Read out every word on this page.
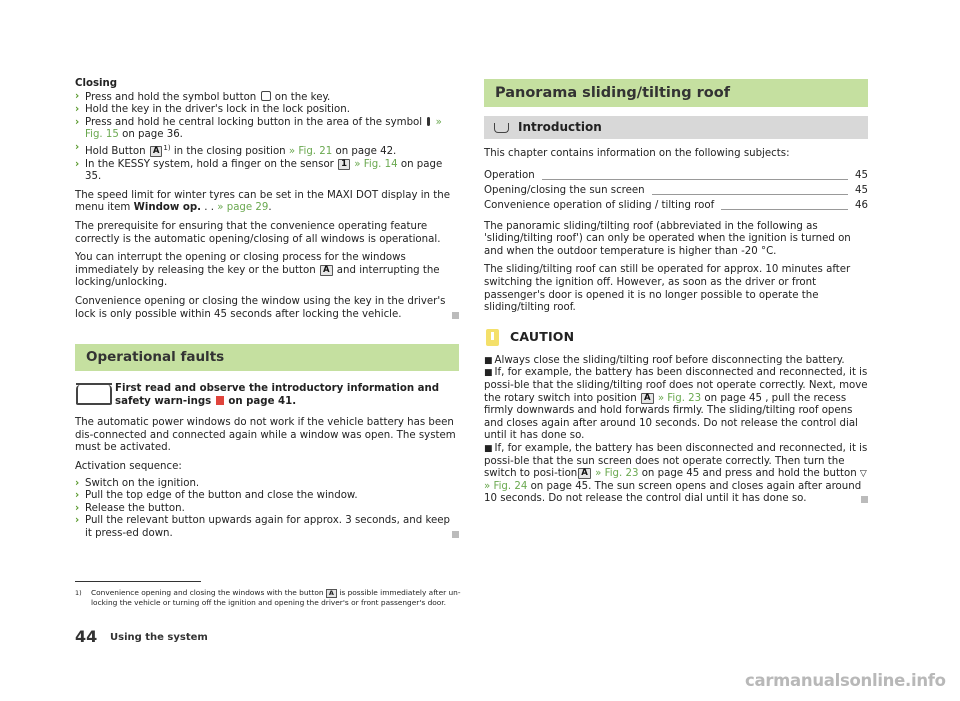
Closing

› Press and hold the symbol button on the key.
› Hold the key in the driver's lock in the lock position.
› Press and hold he central locking button in the area of the symbol » Fig. 15 on page 36.
› Hold Button A $^{1)}$ in the closing position » Fig. 21 on page 42.
› In the KESSY system, hold a finger on the sensor 1 » Fig. 14 on page 35.

The speed limit for winter tyres can be set in the MAXI DOT display in the menu item Window op. . . » page 29.

The prerequisite for ensuring that the convenience operating feature correctly is the automatic opening/closing of all windows is operational.

You can interrupt the opening or closing process for the windows immediately by releasing the key or the button A and interrupting the locking/unlocking.

Convenience opening or closing the window using the key in the driver's lock is only possible within 45 seconds after locking the vehicle.

Operational faults
First read and observe the introductory information and safety warn-ings on page 41.

The automatic power windows do not work if the vehicle battery has been dis-connected and connected again while a window was open. The system must be activated.

Activation sequence:

› Switch on the ignition.
› Pull the top edge of the button and close the window.
› Release the button.
› Pull the relevant button upwards again for approx. 3 seconds, and keep it press-ed down.
Panorama sliding/tilting roof
Introduction

This chapter contains information on the following subjects:

Operation	45
Opening/closing the sun screen	45
Convenience operation of sliding / tilting roof	46

The panoramic sliding/tilting roof (abbreviated in the following as 'sliding/tilting roof') can only be operated when the ignition is turned on and when the outdoor temperature is higher than -20 °C.

The sliding/tilting roof can still be operated for approx. 10 minutes after switching the ignition off. However, as soon as the driver or front passenger's door is opened it is no longer possible to operate the sliding/tilting roof.

CAUTION

■ Always close the sliding/tilting roof before disconnecting the battery.

■ If, for example, the battery has been disconnected and reconnected, it is possi-ble that the sliding/tilting roof does not operate correctly. Next, move the rotary switch into position A » Fig. 23 on page 45 , pull the recess firmly downwards and hold forwards firmly. The sliding/tilting roof opens and closes again after around 10 seconds. Do not release the control dial until it has done so.

■ If, for example, the battery has been disconnected and reconnected, it is possi-ble that the sun screen does not operate correctly. Then turn the switch to posi-tion A » Fig. 23 on page 45 and press and hold the button ▽ » Fig. 24 on page 45. The sun screen opens and closes again after around 10 seconds. Do not release the control dial until it has done so.

1)	Convenience opening and closing the windows with the button A is possible immediately after un-locking the vehicle or turning off the ignition and opening the driver's or front passenger's door.
44 Using the system
carmanualsonline.info
